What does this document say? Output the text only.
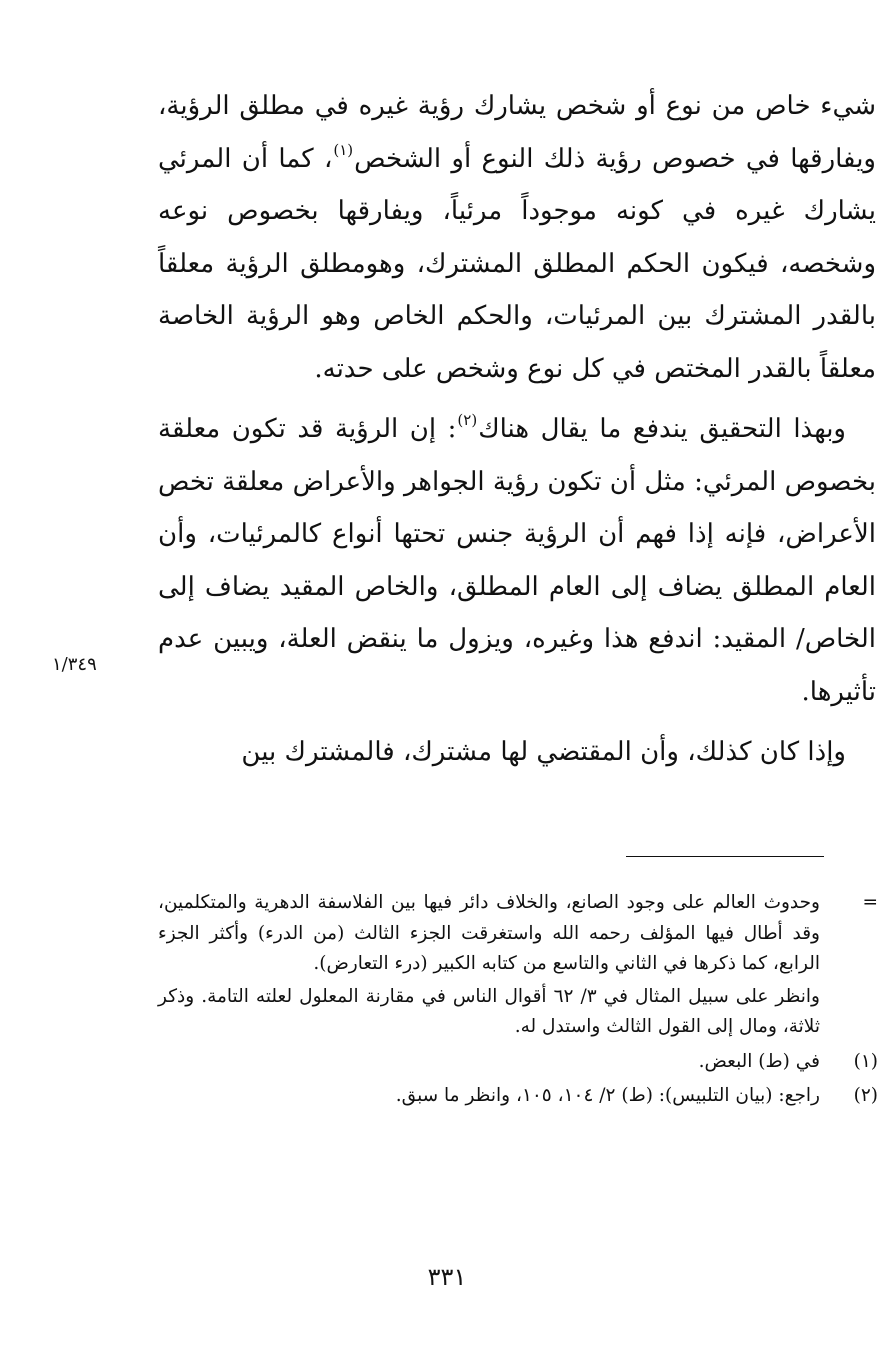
شيء خاص من نوع أو شخص يشارك رؤية غيره في مطلق الرؤية، ويفارقها في خصوص رؤية ذلك النوع أو الشخص$^{(١)}$، كما أن المرئي يشارك غيره في كونه موجوداً مرئياً، ويفارقها بخصوص نوعه وشخصه، فيكون الحكم المطلق المشترك، وهومطلق الرؤية معلقاً بالقدر المشترك بين المرئيات، والحكم الخاص وهو الرؤية الخاصة معلقاً بالقدر المختص في كل نوع وشخص على حدته.

وبهذا التحقيق يندفع ما يقال هناك$^{(٢)}$: إن الرؤية قد تكون معلقة بخصوص المرئي: مثل أن تكون رؤية الجواهر والأعراض معلقة تخص الأعراض، فإنه إذا فهم أن الرؤية جنس تحتها أنواع كالمرئيات، وأن العام المطلق يضاف إلى العام المطلق، والخاص المقيد يضاف إلى الخاص/ المقيد: اندفع هذا وغيره، ويزول ما ينقض العلة، ويبين عدم تأثيرها.

وإذا كان كذلك، وأن المقتضي لها مشترك، فالمشترك بين

١/٣٤٩
=

وحدوث العالم على وجود الصانع، والخلاف دائر فيها بين الفلاسفة الدهرية والمتكلمين، وقد أطال فيها المؤلف رحمه الله واستغرقت الجزء الثالث (من الدرء) وأكثر الجزء الرابع، كما ذكرها في الثاني والتاسع من كتابه الكبير (درء التعارض).

وانظر على سبيل المثال في ٣/ ٦٢ أقوال الناس في مقارنة المعلول لعلته التامة. وذكر ثلاثة، ومال إلى القول الثالث واستدل له.

(١)

في (ط) البعض.

(٢)

راجع: (بيان التلبيس): (ط) ٢/ ١٠٤، ١٠٥، وانظر ما سبق.

٣٣١
